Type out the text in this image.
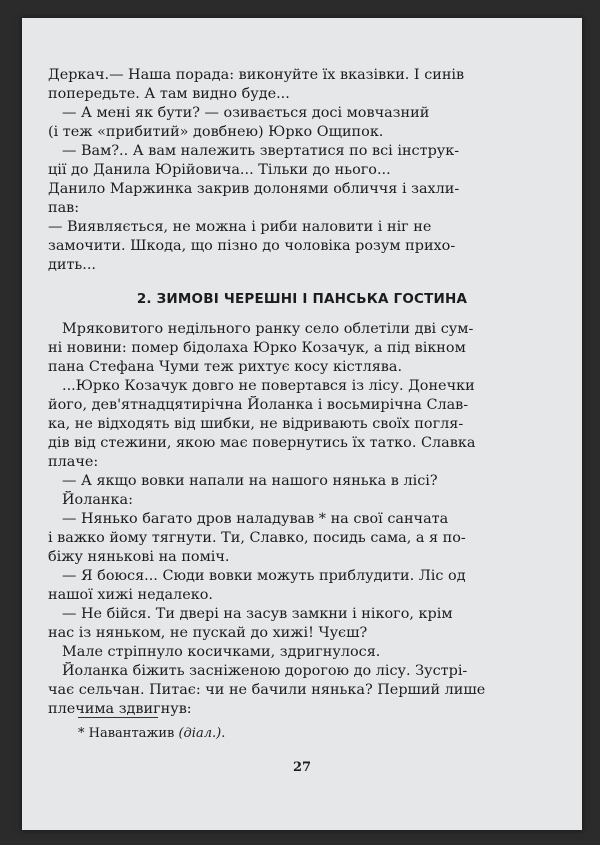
Деркач.— Наша порада: виконуйте їх вказівки. І синів
попередьте. А там видно буде...
— А мені як бути? — озивається досі мовчазний
(і теж «прибитий» довбнею) Юрко Ощипок.
— Вам?.. А вам належить звертатися по всі інструк-
ції до Данила Юрійовича... Тільки до нього...
Данило Маржинка закрив долонями обличчя і захли-
пав:
— Виявляється, не можна і риби наловити і ніг не
замочити. Шкода, що пізно до чоловіка розум прихо-
дить...
2. ЗИМОВІ ЧЕРЕШНІ І ПАНСЬКА ГОСТИНА
Мряковитого недільного ранку село облетіли дві сум-
ні новини: помер бідолаха Юрко Козачук, а під вікном
пана Стефана Чуми теж рихтує косу кістлява.
...Юрко Козачук довго не повертався із лісу. Донечки
його, дев'ятнадцятирічна Йоланка і восьмирічна Слав-
ка, не відходять від шибки, не відривають своїх погля-
дів від стежини, якою має повернутись їх татко. Славка
плаче:
— А якщо вовки напали на нашого нянька в лісі?
Йоланка:
— Нянько багато дров наладував * на свої санчата
і важко йому тягнути. Ти, Славко, посидь сама, а я по-
біжу няньковi на поміч.
— Я боюся... Сюди вовки можуть приблудити. Ліс од
нашої хижі недалеко.
— Не бійся. Ти двері на засув замкни і нікого, крім
нас із няньком, не пускай до хижі! Чуєш?
Мале стріпнуло косичками, здригнулося.
Йоланка біжить засніженою дорогою до лісу. Зустрі-
чає сельчан. Питає: чи не бачили нянька? Перший лише
плечима здвигнув:
* Навантажив (діал.).
27
